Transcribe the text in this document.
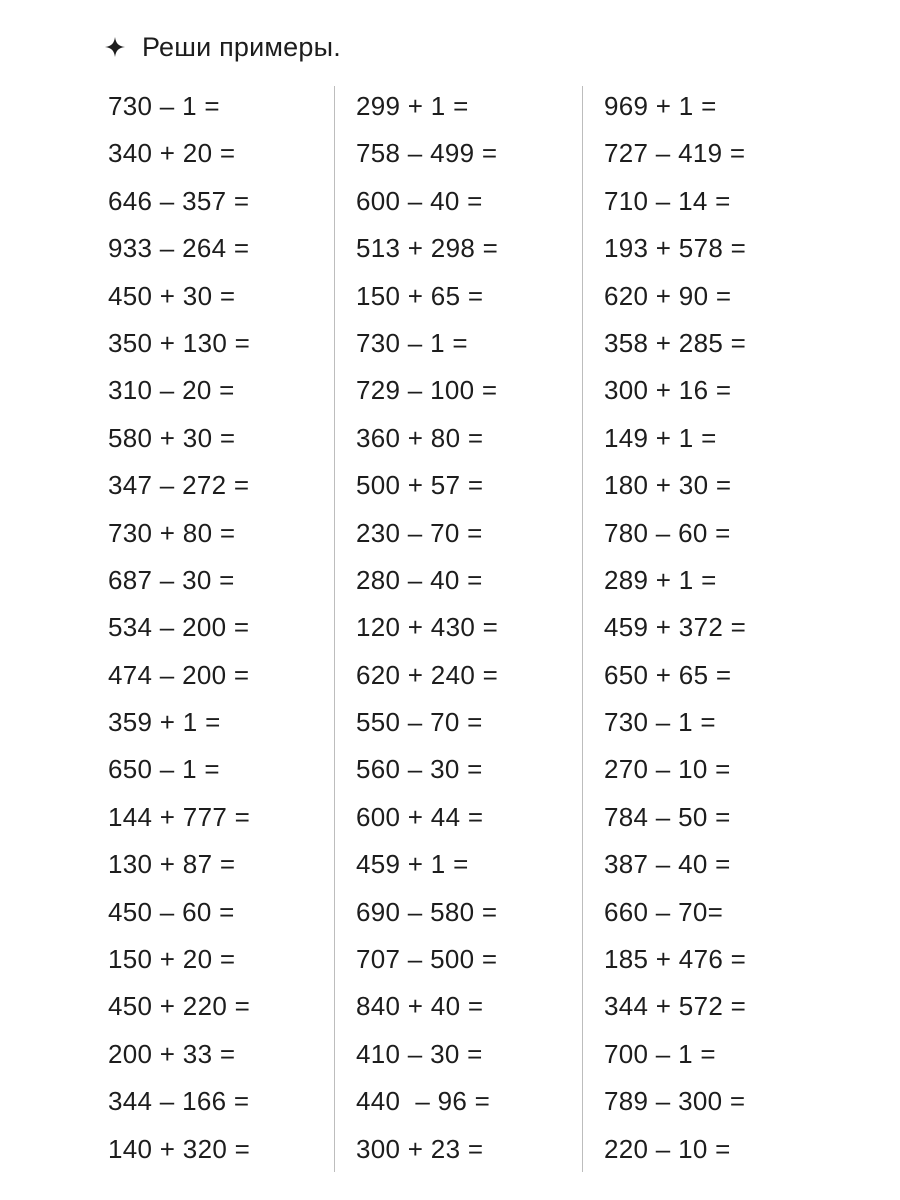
Реши примеры.
730 – 1 =
340 + 20 =
646 – 357 =
933 – 264 =
450 + 30 =
350 + 130 =
310 – 20 =
580 + 30 =
347 – 272 =
730 + 80 =
687 – 30 =
534 – 200 =
474 – 200 =
359 + 1 =
650 – 1 =
144 + 777 =
130 + 87 =
450 – 60 =
150 + 20 =
450 + 220 =
200 + 33 =
344 – 166 =
140 + 320 =
299 + 1 =
758 – 499 =
600 – 40 =
513 + 298 =
150 + 65 =
730 – 1 =
729 – 100 =
360 + 80 =
500 + 57 =
230 – 70 =
280 – 40 =
120 + 430 =
620 + 240 =
550 – 70 =
560 – 30 =
600 + 44 =
459 + 1 =
690 – 580 =
707 – 500 =
840 + 40 =
410 – 30 =
440  – 96 =
300 + 23 =
969 + 1 =
727 – 419 =
710 – 14 =
193 + 578 =
620 + 90 =
358 + 285 =
300 + 16 =
149 + 1 =
180 + 30 =
780 – 60 =
289 + 1 =
459 + 372 =
650 + 65 =
730 – 1 =
270 – 10 =
784 – 50 =
387 – 40 =
660 – 70=
185 + 476 =
344 + 572 =
700 – 1 =
789 – 300 =
220 – 10 =
